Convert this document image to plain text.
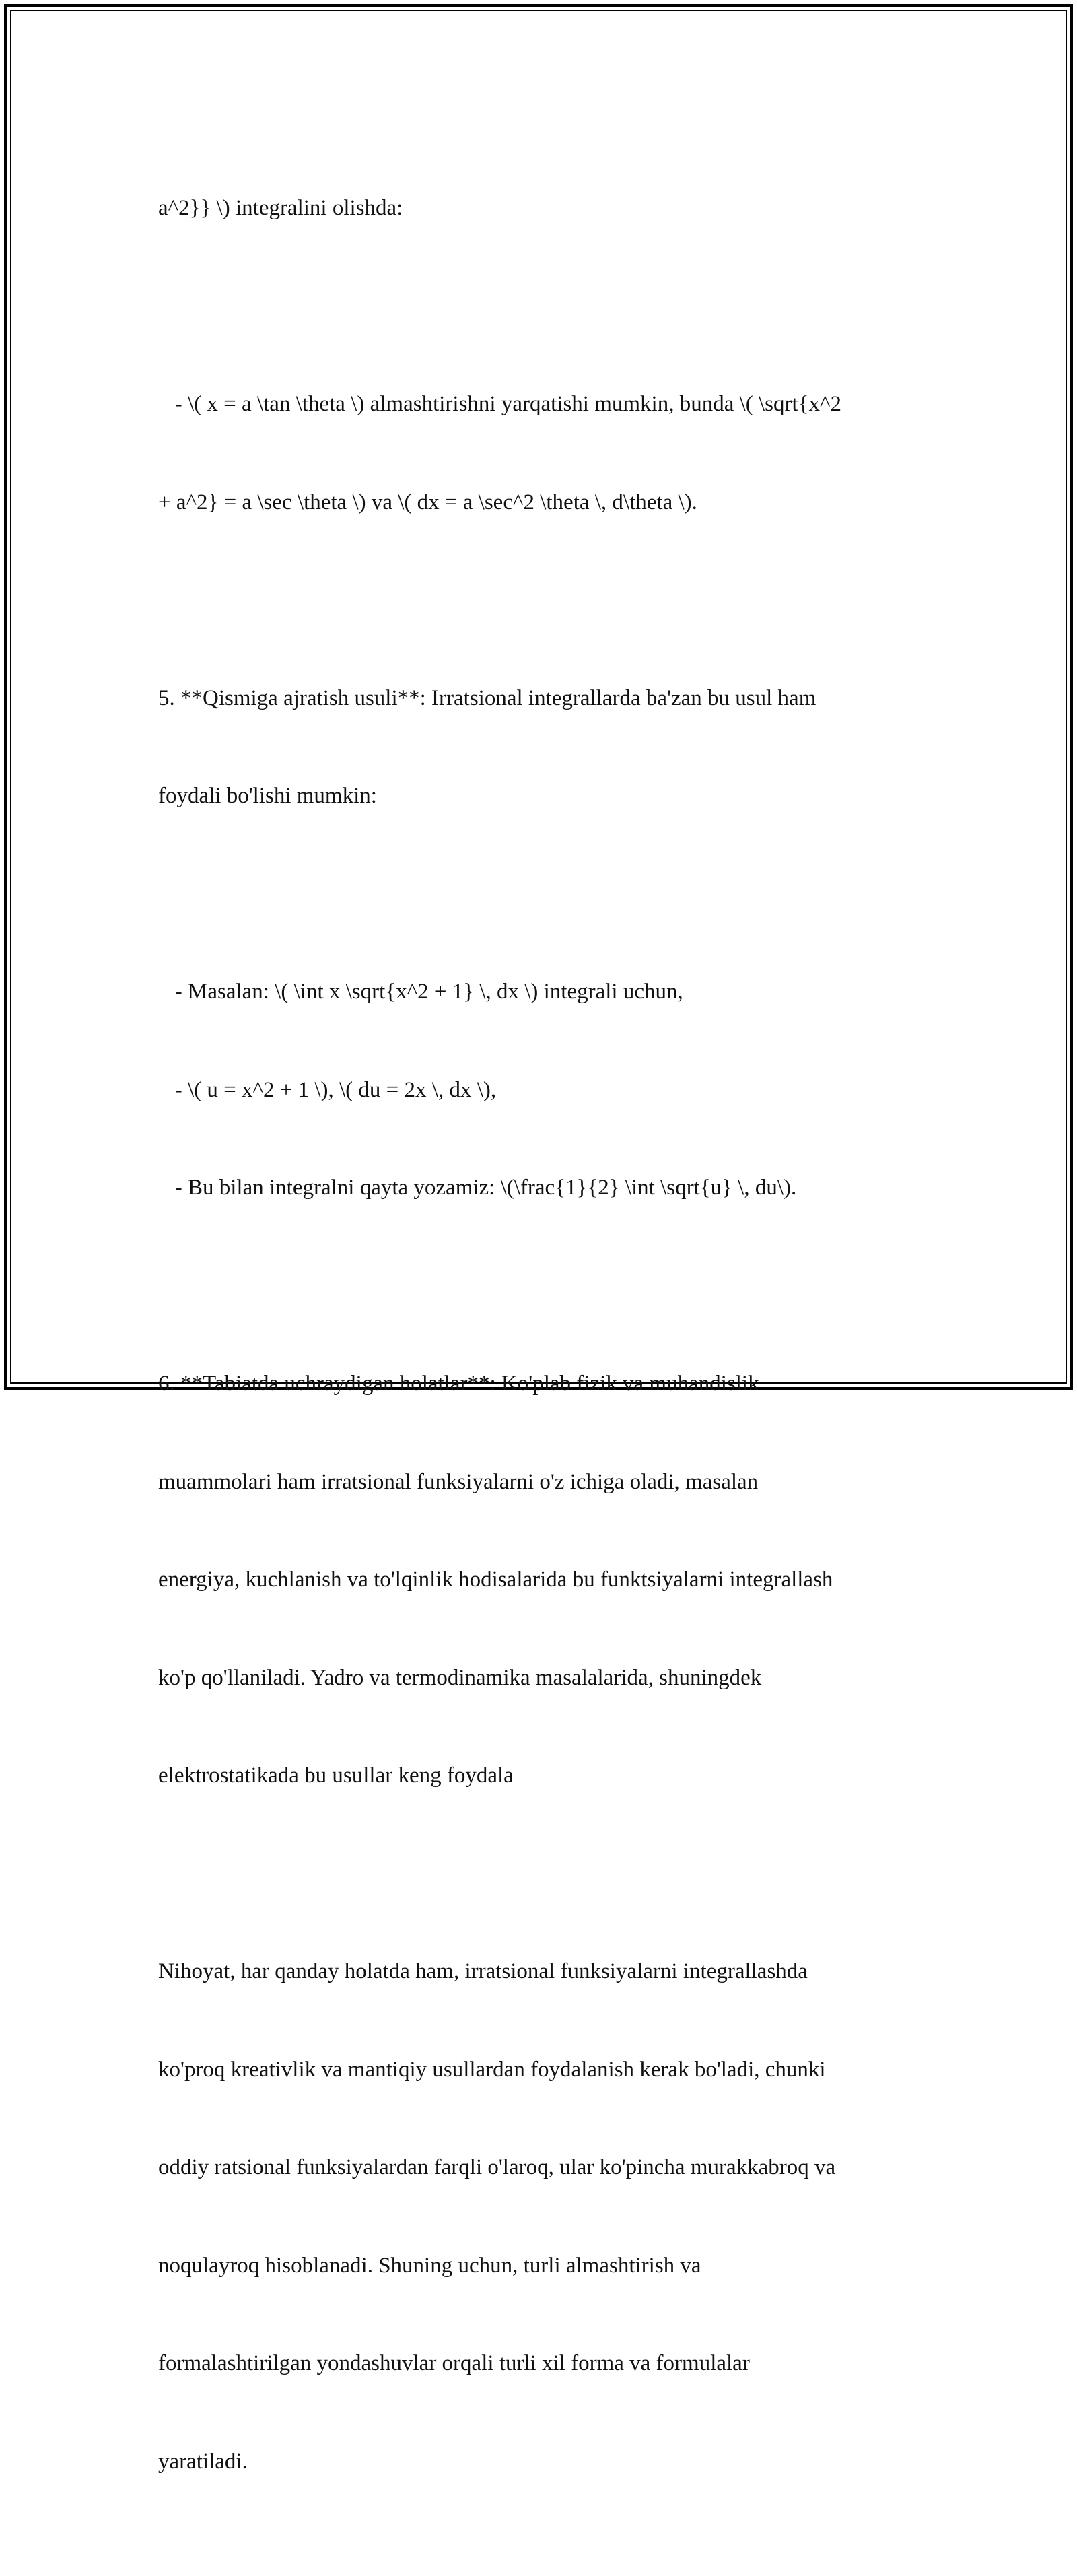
a^2}} \) integralini olishda:

- \( x = a \tan \theta \) almashtirishni yarqatishi mumkin, bunda \( \sqrt{x^2

+ a^2} = a \sec \theta \) va \( dx = a \sec^2 \theta \, d\theta \).

5. **Qismiga ajratish usuli**: Irratsional integrallarda ba'zan bu usul ham

foydali bo'lishi mumkin:

- Masalan: \( \int x \sqrt{x^2 + 1} \, dx \) integrali uchun,

- \( u = x^2 + 1 \), \( du = 2x \, dx \),

- Bu bilan integralni qayta yozamiz: \(\frac{1}{2} \int \sqrt{u} \, du\).

6. **Tabiatda uchraydigan holatlar**: Ko'plab fizik va muhandislik

muammolari ham irratsional funksiyalarni o'z ichiga oladi, masalan

energiya, kuchlanish va to'lqinlik hodisalarida bu funktsiyalarni integrallash

ko'p qo'llaniladi. Yadro va termodinamika masalalarida, shuningdek

elektrostatikada bu usullar keng foydala

Nihoyat, har qanday holatda ham, irratsional funksiyalarni integrallashda

ko'proq kreativlik va mantiqiy usullardan foydalanish kerak bo'ladi, chunki

oddiy ratsional funksiyalardan farqli o'laroq, ular ko'pincha murakkabroq va

noqulayroq hisoblanadi. Shuning uchun, turli almashtirish va

formalashtirilgan yondashuvlar orqali turli xil forma va formulalar

yaratiladi.
